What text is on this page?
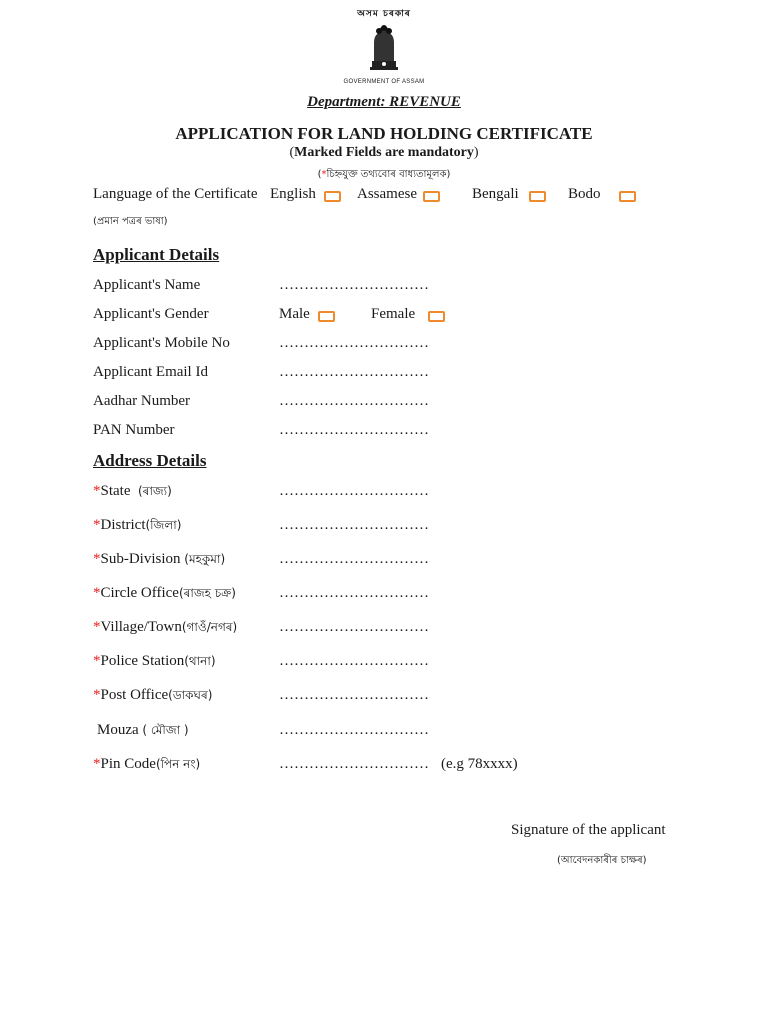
অসম চৰকাৰ
GOVERNMENT OF ASSAM
Department: REVENUE
APPLICATION FOR LAND HOLDING CERTIFICATE
(Marked Fields are mandatory)
(*চিহ্নযুক্ত তথ্যবোৰ বাধ্যতামূলক)
Language of the Certificate English	Assamese	Bengali	Bodo
(প্ৰমান পত্ৰৰ ভাষা)
Applicant Details
Applicant's Name	…………………………
Applicant's Gender	Male	Female
Applicant's Mobile No	…………………………
Applicant Email Id	…………………………
Aadhar Number	…………………………
PAN Number	…………………………
Address Details
*State (ৰাজ্য)	…………………………
*District(জিলা)	…………………………
*Sub-Division (মহকুমা)	…………………………
*Circle Office(ৰাজহ চক্ৰ)	…………………………
*Village/Town(গাওঁ/নগৰ)	…………………………
*Police Station(থানা)	…………………………
*Post Office(ডাকঘৰ)	…………………………
Mouza ( মৌজা )	…………………………
*Pin Code(পিন নং)	………………………… (e.g 78xxxx)
Signature of the applicant
(আবেদনকাৰীৰ চাক্ষৰ)
